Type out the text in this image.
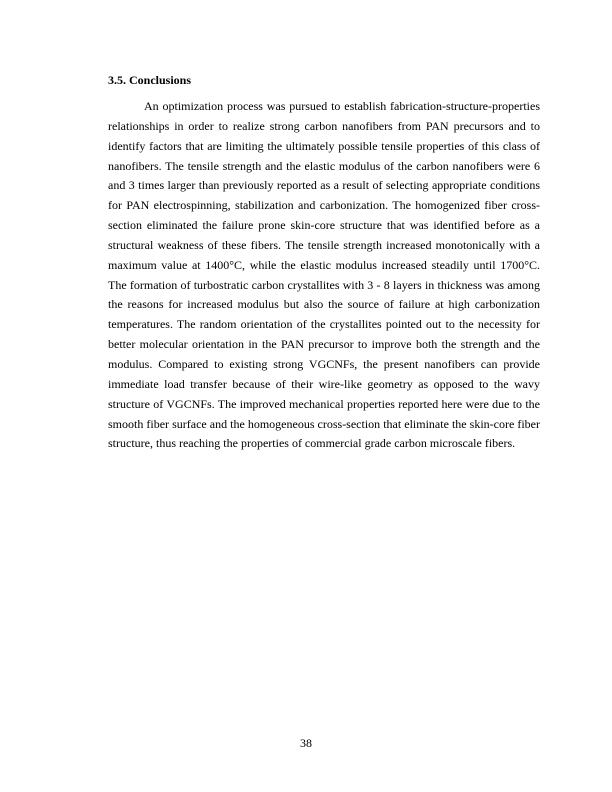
3.5. Conclusions

An optimization process was pursued to establish fabrication-structure-properties relationships in order to realize strong carbon nanofibers from PAN precursors and to identify factors that are limiting the ultimately possible tensile properties of this class of nanofibers. The tensile strength and the elastic modulus of the carbon nanofibers were 6 and 3 times larger than previously reported as a result of selecting appropriate conditions for PAN electrospinning, stabilization and carbonization. The homogenized fiber cross-section eliminated the failure prone skin-core structure that was identified before as a structural weakness of these fibers. The tensile strength increased monotonically with a maximum value at 1400°C, while the elastic modulus increased steadily until 1700°C. The formation of turbostratic carbon crystallites with 3 - 8 layers in thickness was among the reasons for increased modulus but also the source of failure at high carbonization temperatures. The random orientation of the crystallites pointed out to the necessity for better molecular orientation in the PAN precursor to improve both the strength and the modulus. Compared to existing strong VGCNFs, the present nanofibers can provide immediate load transfer because of their wire-like geometry as opposed to the wavy structure of VGCNFs. The improved mechanical properties reported here were due to the smooth fiber surface and the homogeneous cross-section that eliminate the skin-core fiber structure, thus reaching the properties of commercial grade carbon microscale fibers.

38
